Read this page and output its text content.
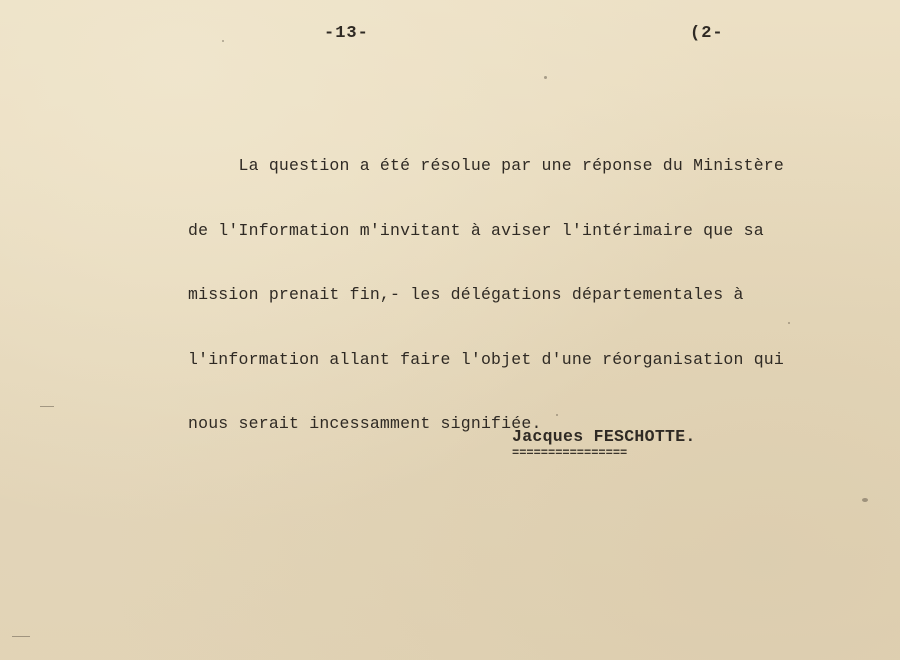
-13-	(2-

La question a été résolue par une réponse du Ministère

de l'Information m'invitant à aviser l'intérimaire que sa

mission prenait fin,- les délégations départementales à

l'information allant faire l'objet d'une réorganisation qui

nous serait incessamment signifiée.

Jacques FESCHOTTE.
================
